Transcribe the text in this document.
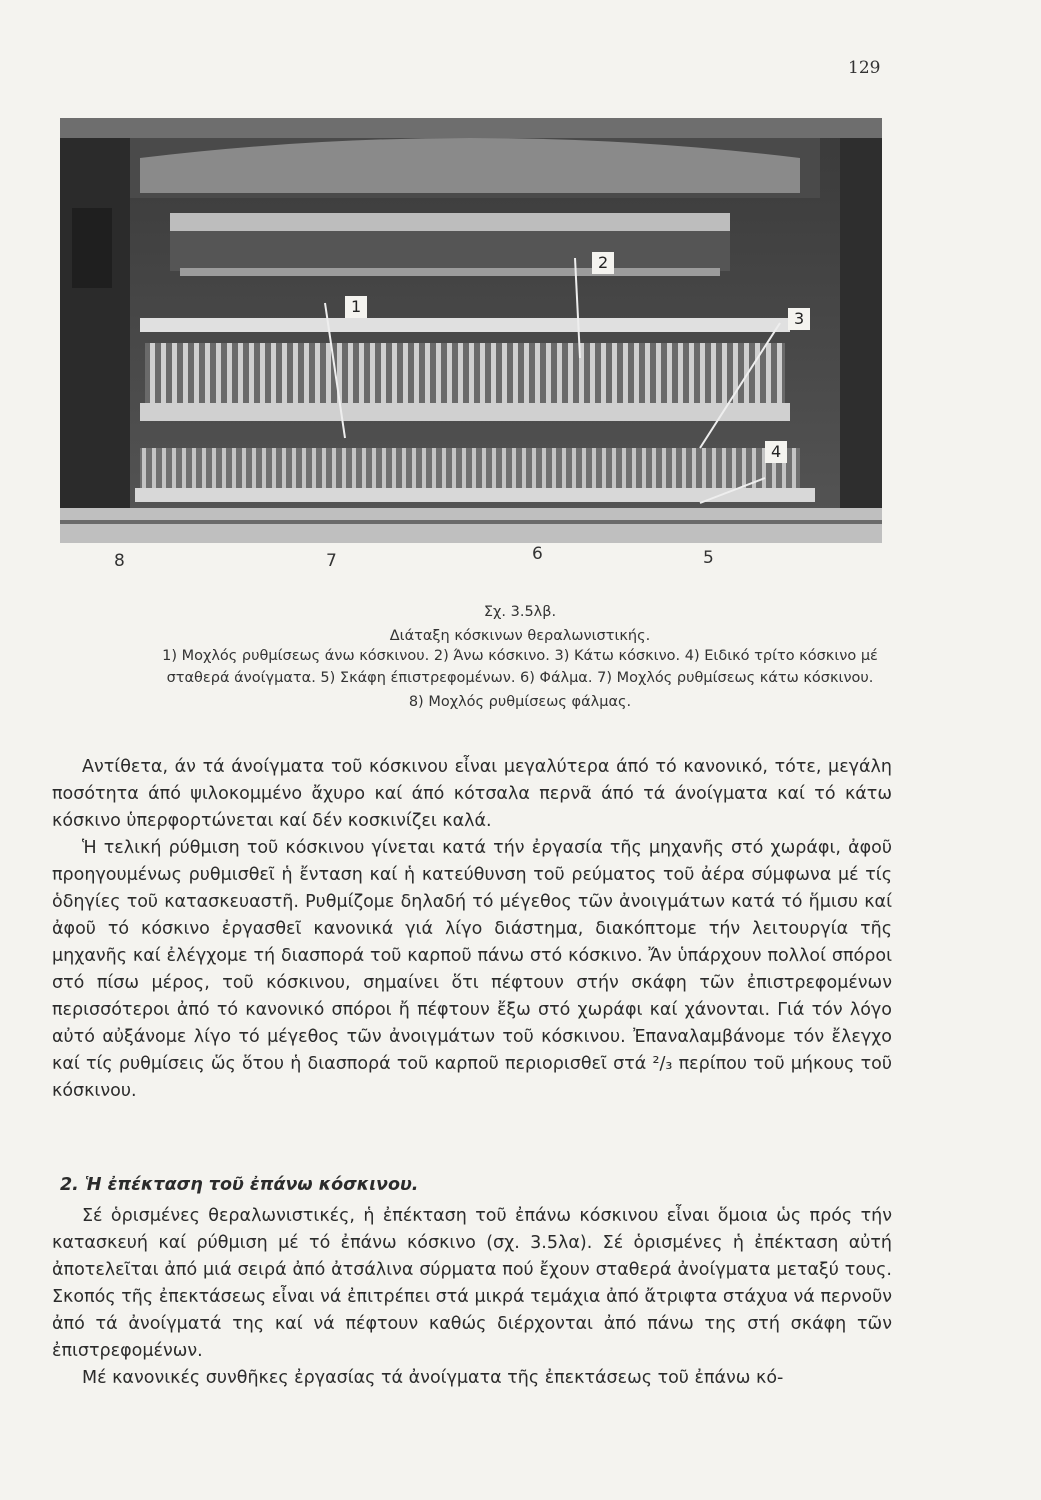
129
1
2
3
4
5
6
7
8
Σχ. 3.5λβ.
Διάταξη κόσκινων θεραλωνιστικής.
1) Μοχλός ρυθμίσεως άνω κόσκινου. 2) Άνω κόσκινο. 3) Κάτω κόσκινο. 4) Ειδικό τρίτο κόσκινο μέ
σταθερά άνοίγματα. 5) Σκάφη έπιστρεφομένων. 6) Φάλμα. 7) Μοχλός ρυθμίσεως κάτω κόσκινου.
8) Μοχλός ρυθμίσεως φάλμας.

Αντίθετα, άν τά άνοίγματα τοῦ κόσκινου εἶναι μεγαλύτερα άπό τό κανονικό, τότε, μεγάλη ποσότητα άπό ψιλοκομμένο ἄχυρο καί άπό κότσαλα περνᾶ άπό τά άνοίγματα καί τό κάτω κόσκινο ὑπερφορτώνεται καί δέν κοσκινίζει καλά.

Ἡ τελική ρύθμιση τοῦ κόσκινου γίνεται κατά τήν ἐργασία τῆς μηχανῆς στό χωράφι, ἀφοῦ προηγουμένως ρυθμισθεῖ ἡ ἔνταση καί ἡ κατεύθυνση τοῦ ρεύματος τοῦ ἀέρα σύμφωνα μέ τίς ὁδηγίες τοῦ κατασκευαστῆ. Ρυθμίζομε δηλαδή τό μέγεθος τῶν ἀνοιγμάτων κατά τό ἥμισυ καί ἀφοῦ τό κόσκινο ἐργασθεῖ κανονικά γιά λίγο διάστημα, διακόπτομε τήν λειτουργία τῆς μηχανῆς καί ἐλέγχομε τή διασπορά τοῦ καρποῦ πάνω στό κόσκινο. Ἄν ὑπάρχουν πολλοί σπόροι στό πίσω μέρος, τοῦ κόσκινου, σημαίνει ὅτι πέφτουν στήν σκάφη τῶν ἐπιστρεφομένων περισσότεροι ἀπό τό κανονικό σπόροι ἤ πέφτουν ἔξω στό χωράφι καί χάνονται. Γιά τόν λόγο αὐτό αὐξάνομε λίγο τό μέγεθος τῶν ἀνοιγμάτων τοῦ κόσκινου. Ἐπαναλαμβάνομε τόν ἔλεγχο καί τίς ρυθμίσεις ὥς ὅτου ἡ διασπορά τοῦ καρποῦ περιορισθεῖ στά ²/₃ περίπου τοῦ μήκους τοῦ κόσκινου.

2. Ἡ ἐπέκταση τοῦ ἐπάνω κόσκινου.

Σέ ὁρισμένες θεραλωνιστικές, ἡ ἐπέκταση τοῦ ἐπάνω κόσκινου εἶναι ὅμοια ὡς πρός τήν κατασκευή καί ρύθμιση μέ τό ἐπάνω κόσκινο (σχ. 3.5λα). Σέ ὁρισμένες ἡ ἐπέκταση αὐτή ἀποτελεῖται ἀπό μιά σειρά ἀπό ἀτσάλινα σύρματα πού ἔχουν σταθερά ἀνοίγματα μεταξύ τους. Σκοπός τῆς ἐπεκτάσεως εἶναι νά ἐπιτρέπει στά μικρά τεμάχια ἀπό ἄτριφτα στάχυα νά περνοῦν ἀπό τά ἀνοίγματά της καί νά πέφτουν καθώς διέρχονται ἀπό πάνω της στή σκάφη τῶν ἐπιστρεφομένων.

Μέ κανονικές συνθῆκες ἐργασίας τά ἀνοίγματα τῆς ἐπεκτάσεως τοῦ ἐπάνω κό-
